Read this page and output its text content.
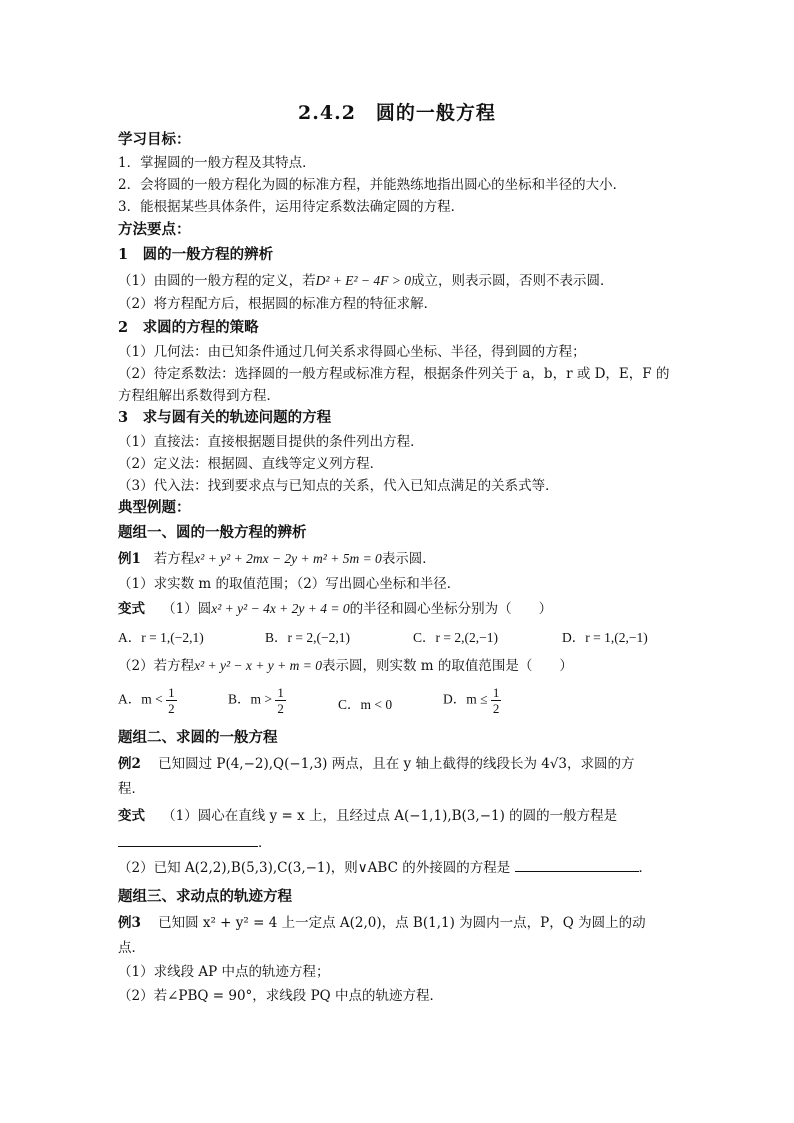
2.4.2　圆的一般方程
学习目标：
1．掌握圆的一般方程及其特点．
2．会将圆的一般方程化为圆的标准方程，并能熟练地指出圆心的坐标和半径的大小．
3．能根据某些具体条件，运用待定系数法确定圆的方程．
方法要点：
1　圆的一般方程的辨析
（1）由圆的一般方程的定义，若D² + E² − 4F > 0成立，则表示圆，否则不表示圆．
（2）将方程配方后，根据圆的标准方程的特征求解．
2　求圆的方程的策略
（1）几何法：由已知条件通过几何关系求得圆心坐标、半径，得到圆的方程；
（2）待定系数法：选择圆的一般方程或标准方程，根据条件列关于 a，b，r 或 D，E，F 的
方程组解出系数得到方程．
3　求与圆有关的轨迹问题的方程
（1）直接法：直接根据题目提供的条件列出方程．
（2）定义法：根据圆、直线等定义列方程．
（3）代入法：找到要求点与已知点的关系，代入已知点满足的关系式等．
典型例题：
题组一、圆的一般方程的辨析
例1 若方程x² + y² + 2mx − 2y + m² + 5m = 0表示圆．
（1）求实数 m 的取值范围；（2）写出圆心坐标和半径．
变式 （1）圆x² + y² − 4x + 2y + 4 = 0的半径和圆心坐标分别为（　　）
A．r = 1,(−2,1)	B．r = 2,(−2,1)	C．r = 2,(2,−1)	D．r = 1,(2,−1)
（2）若方程x² + y² − x + y + m = 0表示圆，则实数 m 的取值范围是（　　）
A．$m < \frac{1}{2}$	B．$m > \frac{1}{2}$	C．m < 0	D．$m \le \frac{1}{2}$
题组二、求圆的一般方程
例2 已知圆过 P(4,−2),Q(−1,3) 两点，且在 y 轴上截得的线段长为 4√3，求圆的方
程．
变式 （1）圆心在直线 y = x 上，且经过点 A(−1,1),B(3,−1) 的圆的一般方程是
．
（2）已知 A(2,2),B(5,3),C(3,−1)，则∨ABC 的外接圆的方程是	．
题组三、求动点的轨迹方程
例3 已知圆 x² + y² = 4 上一定点 A(2,0)，点 B(1,1) 为圆内一点，P，Q 为圆上的动
点．
（1）求线段 AP 中点的轨迹方程；
（2）若∠PBQ = 90°，求线段 PQ 中点的轨迹方程．
